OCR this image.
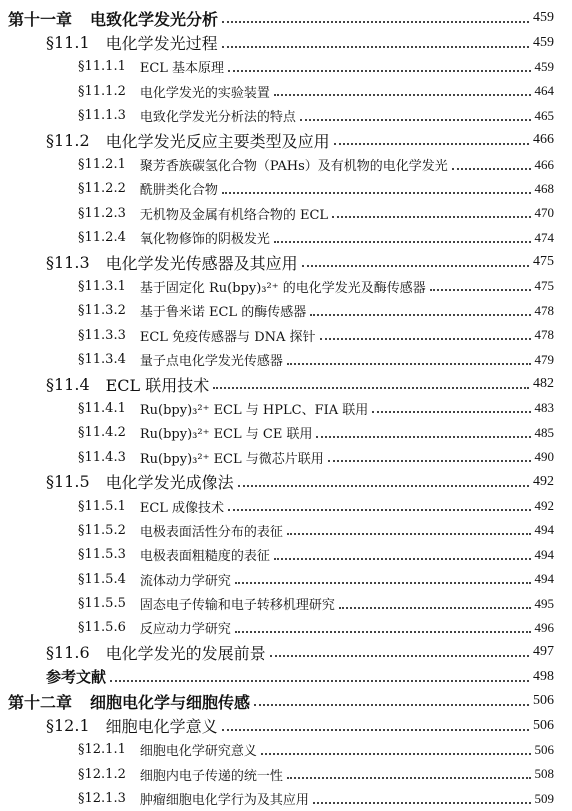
第十一章 电致化学发光分析	459
§11.1 电化学发光过程	459
§11.1.1 ECL 基本原理	459
§11.1.2 电化学发光的实验装置	464
§11.1.3 电致化学发光分析法的特点	465
§11.2 电化学发光反应主要类型及应用	466
§11.2.1 聚芳香族碳氢化合物（PAHs）及有机物的电化学发光	466
§11.2.2 酰肼类化合物	468
§11.2.3 无机物及金属有机络合物的 ECL	470
§11.2.4 氧化物修饰的阴极发光	474
§11.3 电化学发光传感器及其应用	475
§11.3.1 基于固定化 Ru(bpy)₃²⁺ 的电化学发光及酶传感器	475
§11.3.2 基于鲁米诺 ECL 的酶传感器	478
§11.3.3 ECL 免疫传感器与 DNA 探针	478
§11.3.4 量子点电化学发光传感器	479
§11.4 ECL 联用技术	482
§11.4.1 Ru(bpy)₃²⁺ ECL 与 HPLC、FIA 联用	483
§11.4.2 Ru(bpy)₃²⁺ ECL 与 CE 联用	485
§11.4.3 Ru(bpy)₃²⁺ ECL 与微芯片联用	490
§11.5 电化学发光成像法	492
§11.5.1 ECL 成像技术	492
§11.5.2 电极表面活性分布的表征	494
§11.5.3 电极表面粗糙度的表征	494
§11.5.4 流体动力学研究	494
§11.5.5 固态电子传输和电子转移机理研究	495
§11.5.6 反应动力学研究	496
§11.6 电化学发光的发展前景	497
参考文献	498
第十二章 细胞电化学与细胞传感	506
§12.1 细胞电化学意义	506
§12.1.1 细胞电化学研究意义	506
§12.1.2 细胞内电子传递的统一性	508
§12.1.3 肿瘤细胞电化学行为及其应用	509
